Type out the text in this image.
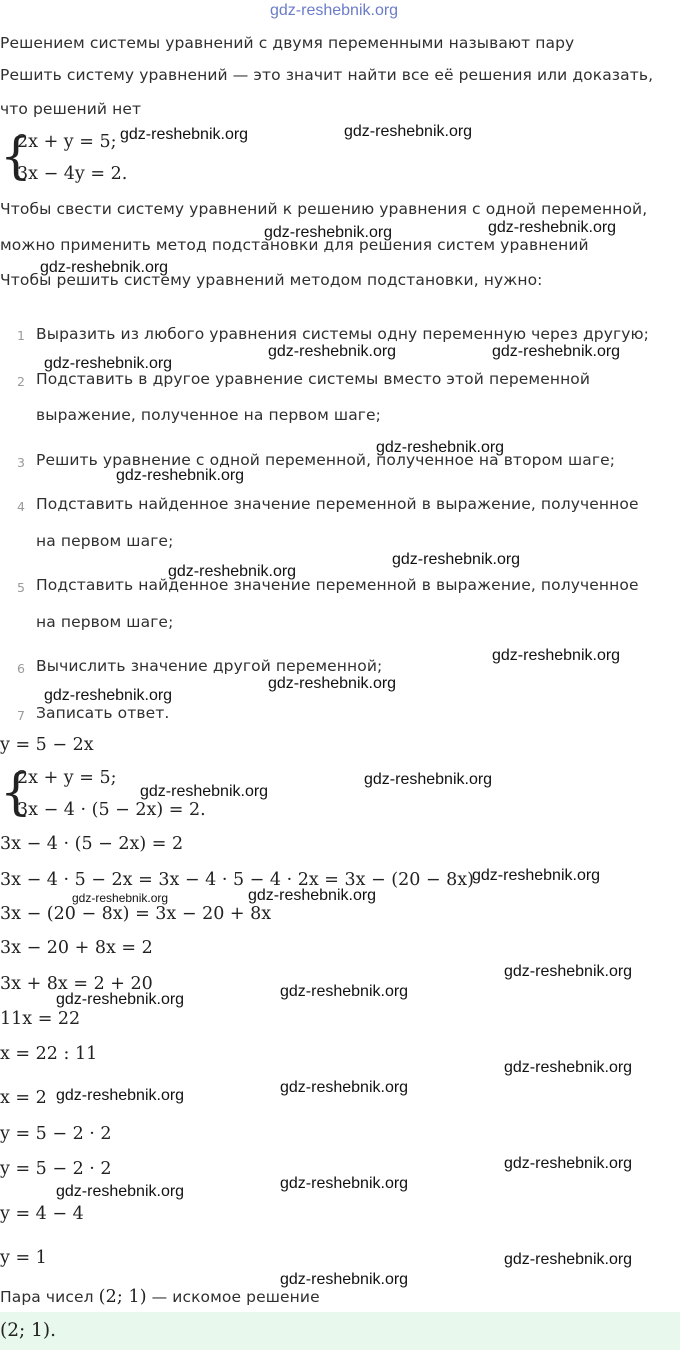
gdz-reshebnik.org
Решением системы уравнений с двумя переменными называют пару
Решить систему уравнений — это значит найти все её решения или доказать,
что решений нет
{
2x + y = 5;
3x − 4y = 2.
Чтобы свести систему уравнений к решению уравнения с одной переменной,
можно применить метод подстановки для решения систем уравнений
Чтобы решить систему уравнений методом подстановки, нужно:
1 Выразить из любого уравнения системы одну переменную через другую;
2 Подставить в другое уравнение системы вместо этой переменной
выражение, полученное на первом шаге;
3 Решить уравнение с одной переменной, полученное на втором шаге;
4 Подставить найденное значение переменной в выражение, полученное
на первом шаге;
5 Подставить найденное значение переменной в выражение, полученное
на первом шаге;
6 Вычислить значение другой переменной;
7 Записать ответ.
y = 5 − 2x
{
2x + y = 5;
3x − 4 · (5 − 2x) = 2.
3x − 4 · (5 − 2x) = 2
3x − 4 · 5 − 2x = 3x − 4 · 5 − 4 · 2x = 3x − (20 − 8x)
3x − (20 − 8x) = 3x − 20 + 8x
3x − 20 + 8x = 2
3x + 8x = 2 + 20
11x = 22
x = 22 : 11
x = 2
y = 5 − 2 · 2
y = 5 − 2 · 2
y = 4 − 4
y = 1
Пара чисел (2; 1) — искомое решение
(2; 1).
gdz-reshebnik.org	gdz-reshebnik.org
gdz-reshebnik.org	gdz-reshebnik.org
gdz-reshebnik.org
gdz-reshebnik.org	gdz-reshebnik.org
gdz-reshebnik.org
gdz-reshebnik.org
gdz-reshebnik.org
gdz-reshebnik.org
gdz-reshebnik.org
gdz-reshebnik.org
gdz-reshebnik.org
gdz-reshebnik.org
gdz-reshebnik.org
gdz-reshebnik.org
gdz-reshebnik.org
gdz-reshebnik.org
gdz-reshebnik.org
gdz-reshebnik.org
gdz-reshebnik.org
gdz-reshebnik.org
gdz-reshebnik.org
gdz-reshebnik.org
gdz-reshebnik.org
gdz-reshebnik.org
gdz-reshebnik.org
gdz-reshebnik.org
gdz-reshebnik.org
gdz-reshebnik.org
